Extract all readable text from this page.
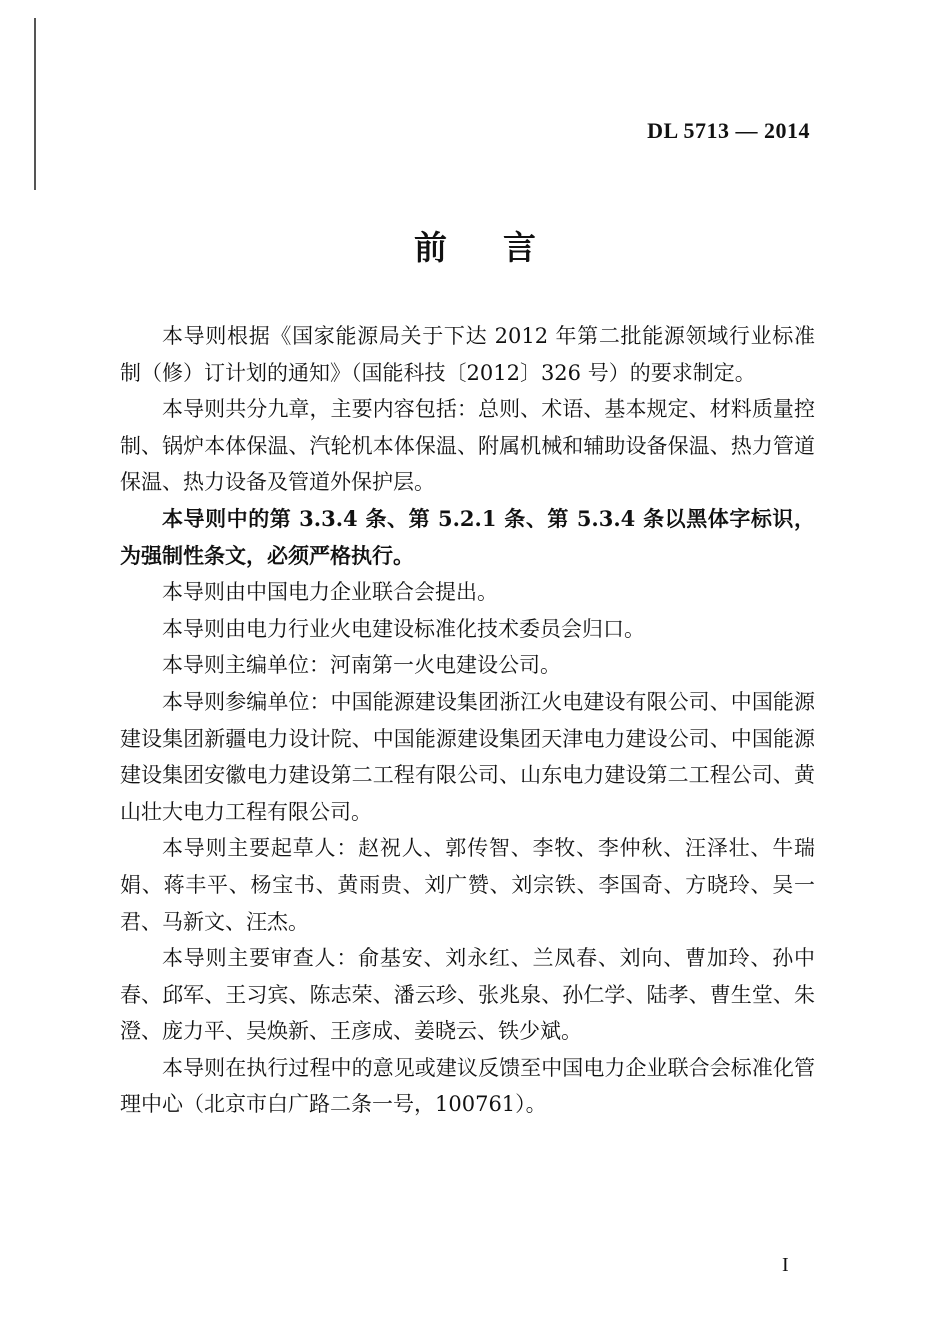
DL 5713 — 2014
前言

本导则根据《国家能源局关于下达 2012 年第二批能源领域行业标准制（修）订计划的通知》（国能科技〔2012〕326 号）的要求制定。

本导则共分九章，主要内容包括：总则、术语、基本规定、材料质量控制、锅炉本体保温、汽轮机本体保温、附属机械和辅助设备保温、热力管道保温、热力设备及管道外保护层。

本导则中的第 3.3.4 条、第 5.2.1 条、第 5.3.4 条以黑体字标识，为强制性条文，必须严格执行。

本导则由中国电力企业联合会提出。

本导则由电力行业火电建设标准化技术委员会归口。

本导则主编单位：河南第一火电建设公司。

本导则参编单位：中国能源建设集团浙江火电建设有限公司、中国能源建设集团新疆电力设计院、中国能源建设集团天津电力建设公司、中国能源建设集团安徽电力建设第二工程有限公司、山东电力建设第二工程公司、黄山壮大电力工程有限公司。

本导则主要起草人：赵祝人、郭传智、李牧、李仲秋、汪泽壮、牛瑞娟、蒋丰平、杨宝书、黄雨贵、刘广赞、刘宗铁、李国奇、方晓玲、吴一君、马新文、汪杰。

本导则主要审查人：俞基安、刘永红、兰凤春、刘向、曹加玲、孙中春、邱军、王习宾、陈志荣、潘云珍、张兆泉、孙仁学、陆孝、曹生堂、朱澄、庞力平、吴焕新、王彦成、姜晓云、铁少斌。

本导则在执行过程中的意见或建议反馈至中国电力企业联合会标准化管理中心（北京市白广路二条一号，100761）。

I
